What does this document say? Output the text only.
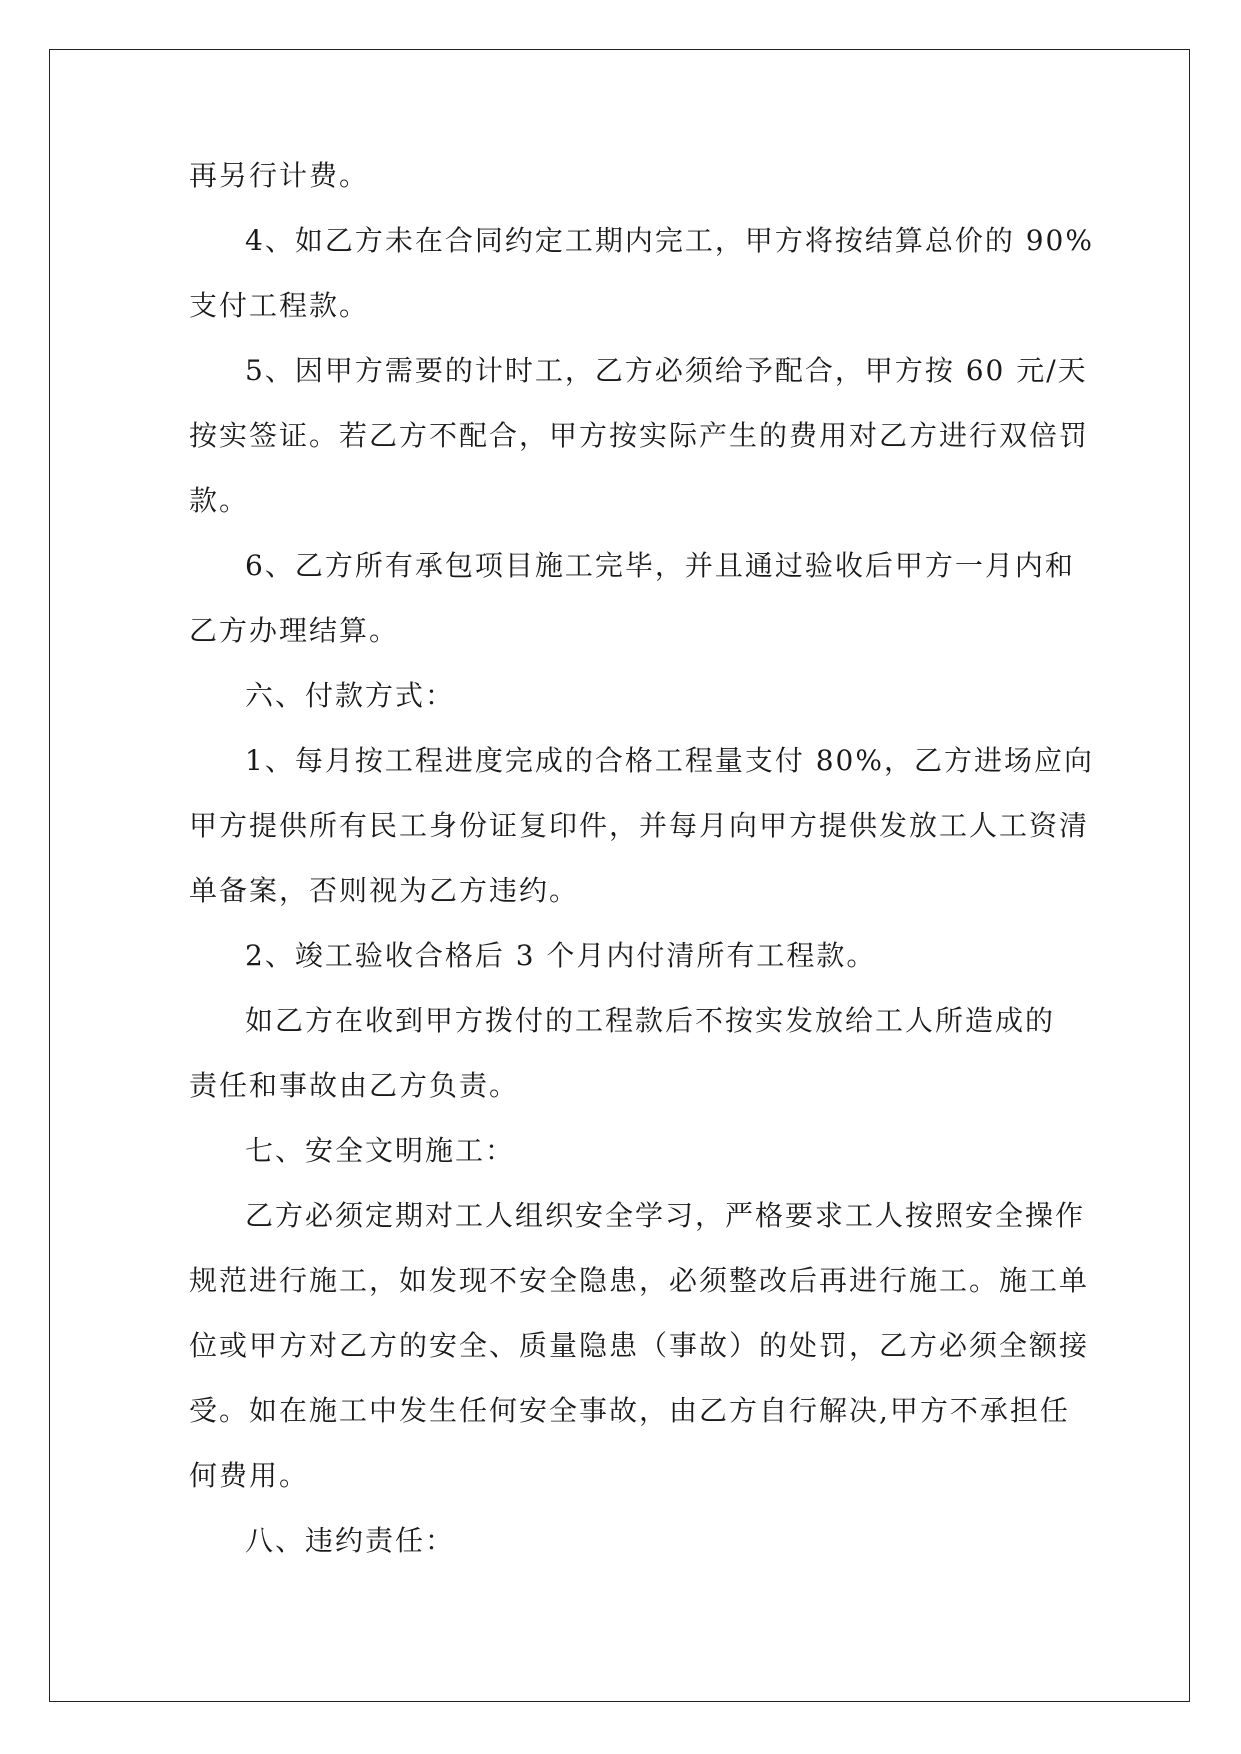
再另行计费。
4、如乙方未在合同约定工期内完工，甲方将按结算总价的 90%
支付工程款。
5、因甲方需要的计时工，乙方必须给予配合，甲方按 60 元/天
按实签证。若乙方不配合，甲方按实际产生的费用对乙方进行双倍罚
款。
6、乙方所有承包项目施工完毕，并且通过验收后甲方一月内和
乙方办理结算。
六、付款方式：
1、每月按工程进度完成的合格工程量支付 80%，乙方进场应向
甲方提供所有民工身份证复印件，并每月向甲方提供发放工人工资清
单备案，否则视为乙方违约。
2、竣工验收合格后 3 个月内付清所有工程款。
如乙方在收到甲方拨付的工程款后不按实发放给工人所造成的
责任和事故由乙方负责。
七、安全文明施工：
乙方必须定期对工人组织安全学习，严格要求工人按照安全操作
规范进行施工，如发现不安全隐患，必须整改后再进行施工。施工单
位或甲方对乙方的安全、质量隐患（事故）的处罚，乙方必须全额接
受。如在施工中发生任何安全事故，由乙方自行解决,甲方不承担任
何费用。
八、违约责任：
